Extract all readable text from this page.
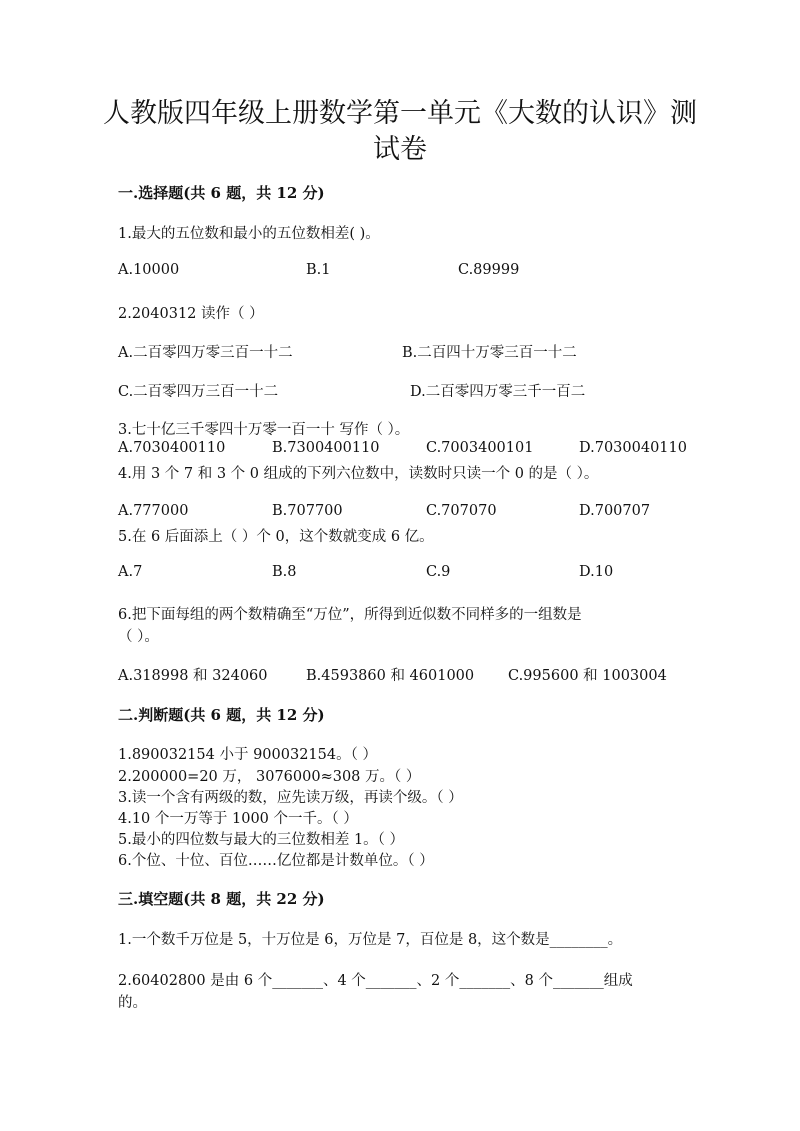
人教版四年级上册数学第一单元《大数的认识》测
试卷
一.选择题(共 6 题，共 12 分)
1.最大的五位数和最小的五位数相差( )。
A.10000	B.1	C.89999
2.2040312 读作（ ）
A.二百零四万零三百一十二	B.二百四十万零三百一十二
C.二百零四万三百一十二	D.二百零四万零三千一百二
3.七十亿三千零四十万零一百一十 写作（ ）。
A.7030400110	B.7300400110	C.7003400101	D.7030040110
4.用 3 个 7 和 3 个 0 组成的下列六位数中，读数时只读一个 0 的是（ ）。
A.777000	B.707700	C.707070	D.700707
5.在 6 后面添上（ ）个 0，这个数就变成 6 亿。
A.7	B.8	C.9	D.10
6.把下面每组的两个数精确至“万位”，所得到近似数不同样多的一组数是
（ ）。
A.318998 和 324060	B.4593860 和 4601000 C.995600 和 1003004
二.判断题(共 6 题，共 12 分)
1.890032154 小于 900032154。（ ）
2.200000=20 万， 3076000≈308 万。（ ）
3.读一个含有两级的数，应先读万级，再读个级。（ ）
4.10 个一万等于 1000 个一千。（ ）
5.最小的四位数与最大的三位数相差 1。（ ）
6.个位、十位、百位……亿位都是计数单位。（ ）
三.填空题(共 8 题，共 22 分)
1.一个数千万位是 5，十万位是 6，万位是 7，百位是 8，这个数是________。
2.60402800 是由 6 个_______、4 个_______、2 个_______、8 个_______组成
的。
